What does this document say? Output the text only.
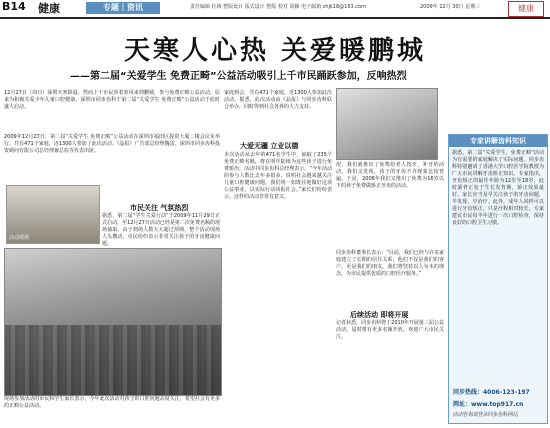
B14 健康	专题｜资讯	责任编辑 杜梅 整版设计 版式设计 整版 校对 胡颖 电子邮箱 zhjk18@163.com	2009年 12月 30日 星期三	健康
天寒人心热 关爱暖鹏城
——第二届“关爱学生 免费正畸”公益活动吸引上千市民踊跃参加，反响热烈
12月27日（周日）深圳天寒降温，然而上千市民顶着寒风来到鹏城，参与免费正畸公益活动。原来为积极关爱少年儿童口腔健康，深圳市同步齿科于第二届“关爱学生 免费正畸”公益活动于此时盛大启动。
2009年12月27日，第二届“关爱学生 免费正畸”公益活动在深圳市福田区投资大厦二楼会议室举行，共有471个家庭，近1300人参加了此次活动。《晶报》广告部总经理魏雷、深圳市同步齿科投资顾问有限公司总经理兼总监等代表出席。
活动现场
市民关注 气氛热烈
据悉，第二届“学生关爱行动”于2009年11月29日正式启动，至12月27日活动已经是第二次免费名额的现场抽取。由于到场人数大大超过预期，整个活动现场人头攒动，市民纷纷表示非常关注孩子的牙齿健康问题。
现场参加活动的市民和学生家长表示，今年此次活动对孩子的口腔问题高度关注，希望社会有更多的正畸公益活动。
家庭到会，共有471个家庭，近1300人参加此次活动。据悉，此次活动由《晶报》与同步齿科联合举办，同时得到社会各界的大力支持。
大爱无疆 立业以德
本次活动从去年的471名学生中，抽取了235个免费正畸名额，将在明年陆续为这些孩子进行免费矫治。活动中同步齿科总经理表示，“今年活动的参与人数比去年多很多，说明社会越来越关注儿童口腔健康问题。我们将一如既往地做好这项公益事业，以实际行动回报社会。”家长们纷纷表示，这样的活动非常有意义。
况，我们就推出了免费给老人按牙，补牙的活动。我们又发现，孩子的牙齿不齐现象比较普遍，于是，2008年我们又推出了免费为16岁以下的孩子免费做矫正牙齿的活动。
同步齿科董事长表示：“目前，我们已经与许多家庭建立了长期的信任关系，他们不仅是我们的客户，更是我们的朋友。我们将坚持以人为本的理念，为市民提供优质的口腔医疗服务。”
后续活动 即将开展
记者获悉，同步齿科将于2010年开展第三届公益活动，届时将有更多名额开放，欢迎广大市民关注。
专家讲解齿科知识
据悉，第二届“关爱学生，免费正畸”活动为有需要的家庭解决了实际问题。同步齿科特别邀请了香港大学口腔医学院教授为广大市民讲解牙齿矫正知识。专家指出，牙齿矫正的最佳年龄为12岁至18岁，此时颌骨正处于生长发育期，矫正效果最好。家长应当及早关注孩子的牙齿问题，早发现、早治疗。此外，成年人同样可以进行牙齿矫正，只是疗程相对较长。专家建议市民每半年进行一次口腔检查，保持良好的口腔卫生习惯。
同步热线：4006-123-197
网址：www.top917.cn
活动咨询请登录同步齿科网站
